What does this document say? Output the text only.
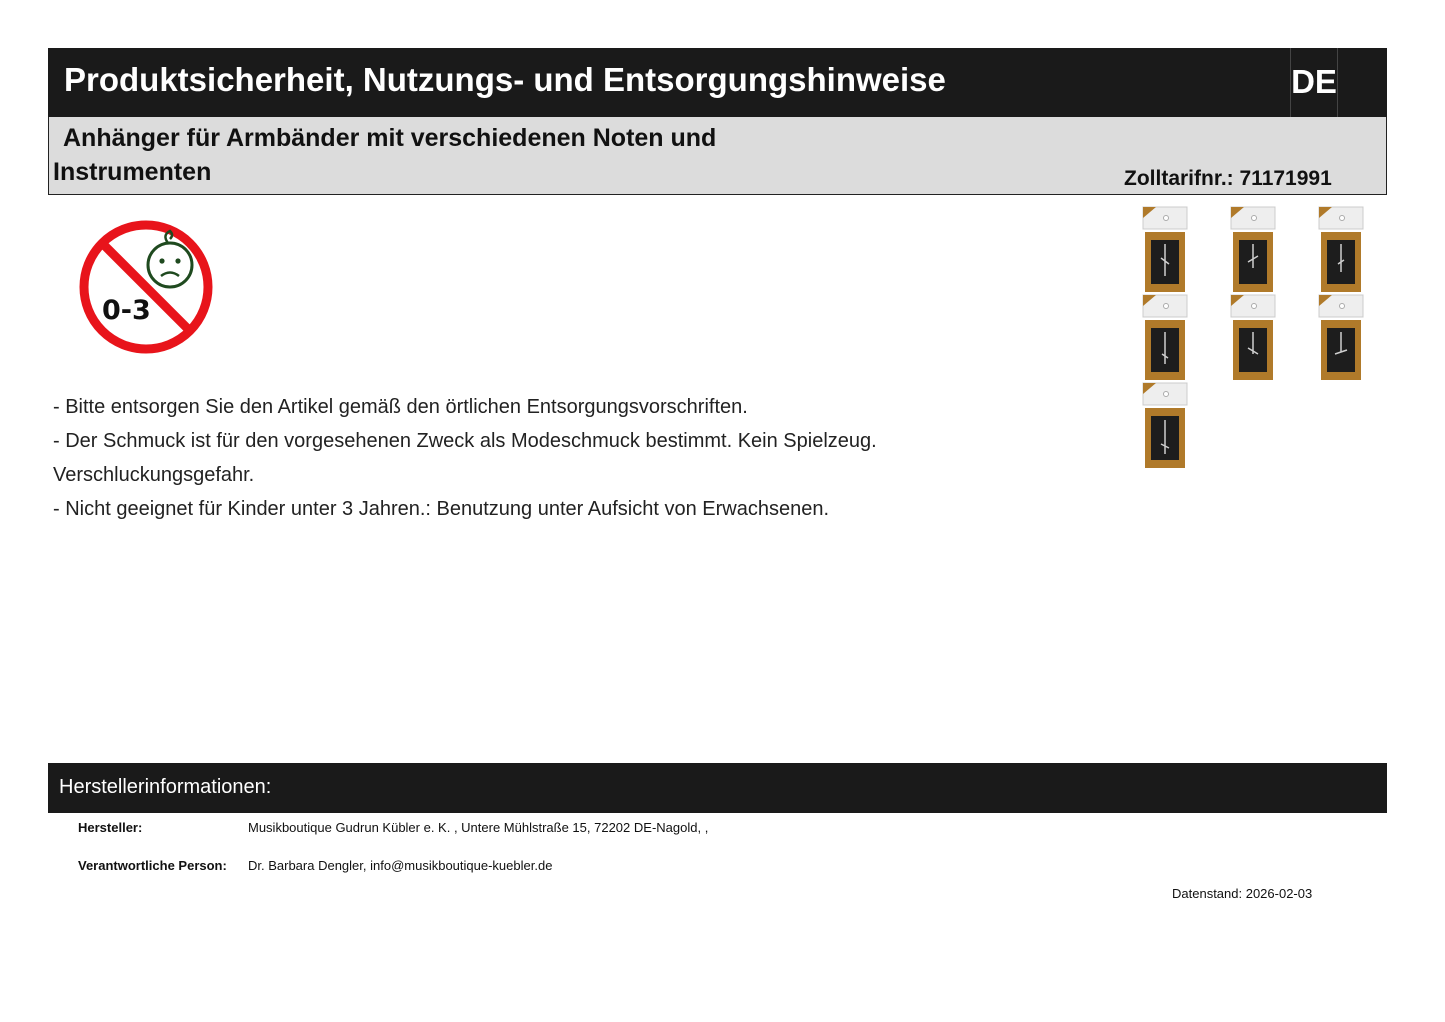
Produktsicherheit, Nutzungs- und Entsorgungshinweise	DE
Anhänger für Armbänder mit verschiedenen Noten und
Instrumenten	Zolltarifnr.: 71171991
0-3
- Bitte entsorgen Sie den Artikel gemäß den örtlichen Entsorgungsvorschriften.
- Der Schmuck ist für den vorgesehenen Zweck als Modeschmuck bestimmt. Kein Spielzeug.
Verschluckungsgefahr.
- Nicht geeignet für Kinder unter 3 Jahren.: Benutzung unter Aufsicht von Erwachsenen.
Herstellerinformationen:
Hersteller:	Musikboutique Gudrun Kübler e. K. , Untere Mühlstraße 15, 72202 DE-Nagold, ,
Verantwortliche Person: Dr. Barbara Dengler, info@musikboutique-kuebler.de
Datenstand: 2026-02-03
